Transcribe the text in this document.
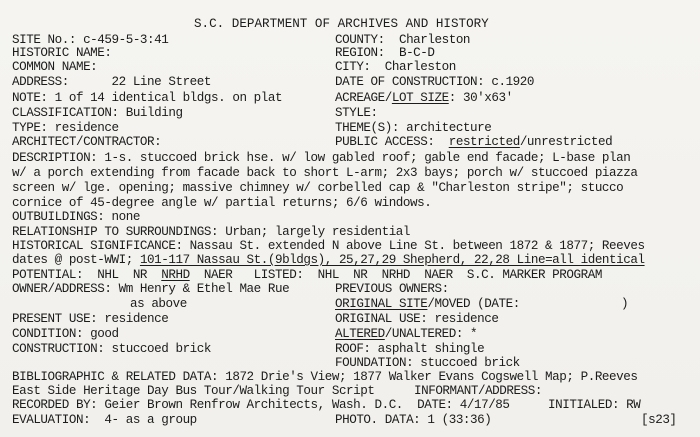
S.C. DEPARTMENT OF ARCHIVES AND HISTORY
SITE No.: c-459-5-3:41	COUNTY:  Charleston
HISTORIC NAME:	REGION:  B-C-D
COMMON NAME:	CITY:  Charleston
ADDRESS:      22 Line Street	DATE OF CONSTRUCTION: c.1920
NOTE: 1 of 14 identical bldgs. on plat	ACREAGE/LOT SIZE: 30'x63'
CLASSIFICATION: Building	STYLE:
TYPE: residence	THEME(S): architecture
ARCHITECT/CONTRACTOR:	PUBLIC ACCESS:  restricted/unrestricted
DESCRIPTION: 1-s. stuccoed brick hse. w/ low gabled roof; gable end facade; L-base plan
w/ a porch extending from facade back to short L-arm; 2x3 bays; porch w/ stuccoed piazza
screen w/ lge. opening; massive chimney w/ corbelled cap & "Charleston stripe"; stucco
cornice of 45-degree angle w/ partial returns; 6/6 windows.
OUTBUILDINGS: none
RELATIONSHIP TO SURROUNDINGS: Urban; largely residential
HISTORICAL SIGNIFICANCE: Nassau St. extended N above Line St. between 1872 & 1877; Reeves
dates @ post-WWI; 101-117 Nassau St.(9bldgs), 25,27,29 Shepherd, 22,28 Line=all identical
POTENTIAL:  NHL  NR  NRHD  NAER   LISTED:  NHL  NR  NRHD  NAER  S.C. MARKER PROGRAM
OWNER/ADDRESS: Wm Henry & Ethel Mae Rue	PREVIOUS OWNERS:
as above	ORIGINAL SITE/MOVED (DATE:	)
PRESENT USE: residence	ORIGINAL USE: residence
CONDITION: good	ALTERED/UNALTERED: *
CONSTRUCTION: stuccoed brick	ROOF: asphalt shingle
FOUNDATION: stuccoed brick
BIBLIOGRAPHIC & RELATED DATA: 1872 Drie's View; 1877 Walker Evans Cogswell Map; P.Reeves
East Side Heritage Day Bus Tour/Walking Tour Script	INFORMANT/ADDRESS:
RECORDED BY: Geier Brown Renfrow Architects, Wash. D.C.  DATE: 4/17/85	INITIALED: RW
EVALUATION:  4- as a group	PHOTO. DATA: 1 (33:36)	[s23]
